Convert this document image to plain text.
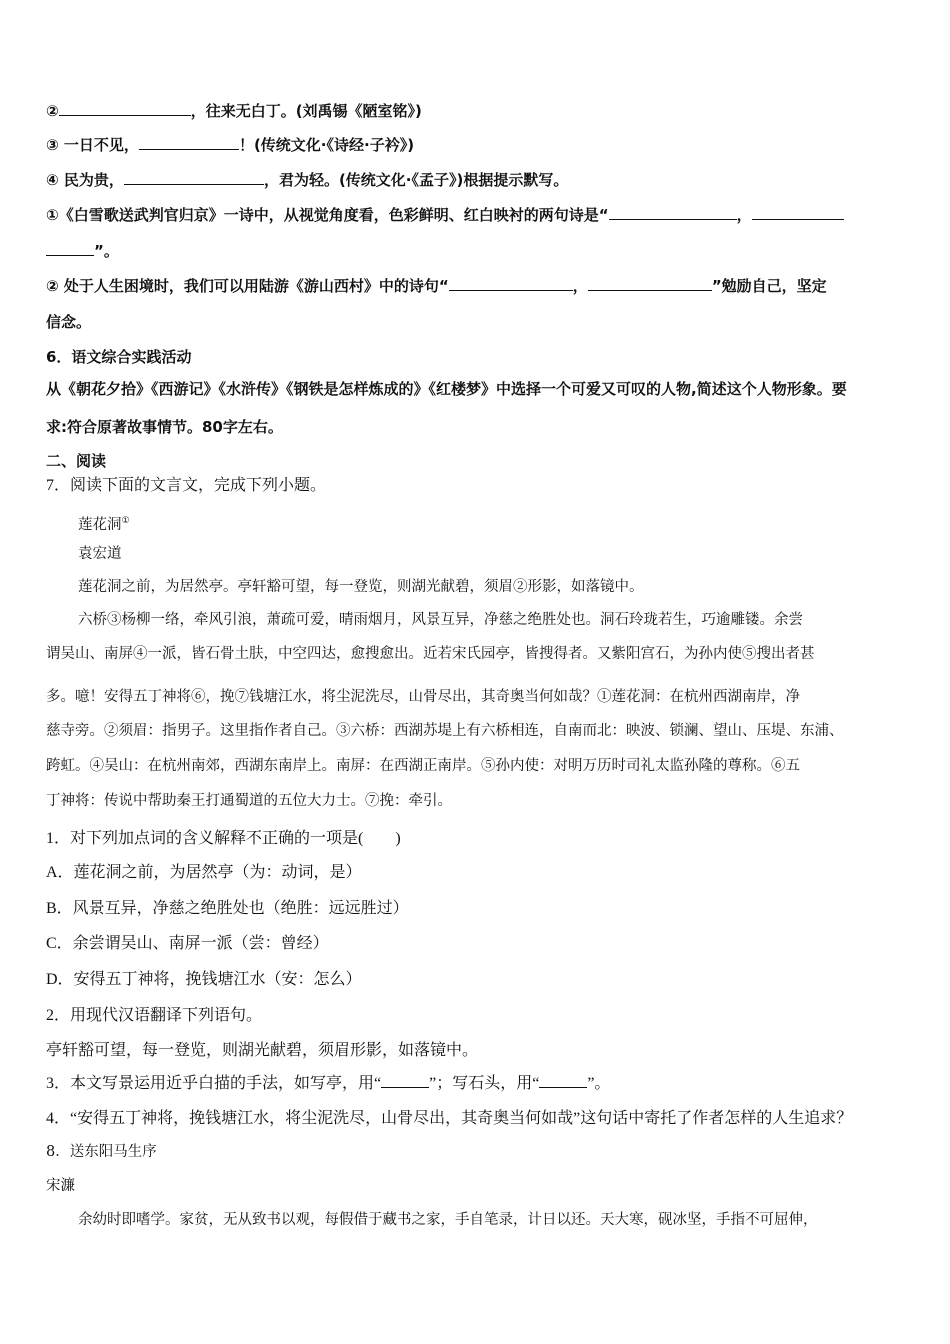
②	，往来无白丁。(刘禹锡《陋室铭》)
③ 一日不见，	！(传统文化·《诗经·子衿》)
④ 民为贵，	，君为轻。(传统文化·《孟子》)根据提示默写。
①《白雪歌送武判官归京》一诗中，从视觉角度看，色彩鲜明、红白映衬的两句诗是“	，
”。
② 处于人生困境时，我们可以用陆游《游山西村》中的诗句“	，	”勉励自己，坚定
信念。
6．语文综合实践活动
从《朝花夕拾》《西游记》《水浒传》《钢铁是怎样炼成的》《红楼梦》中选择一个可爱又可叹的人物,简述这个人物形象。要
求:符合原著故事情节。80字左右。
二、阅读
7．阅读下面的文言文，完成下列小题。
莲花洞①
袁宏道
莲花洞之前，为居然亭。亭轩豁可望，每一登览，则湖光献碧，须眉②形影，如落镜中。
六桥③杨柳一络，牵风引浪，萧疏可爱，晴雨烟月，风景互异，净慈之绝胜处也。洞石玲珑若生，巧逾雕镂。余尝
谓吴山、南屏④一派，皆石骨土肤，中空四达，愈搜愈出。近若宋氏园亭，皆搜得者。又紫阳宫石，为孙内使⑤搜出者甚
多。噫！安得五丁神将⑥，挽⑦钱塘江水，将尘泥洗尽，山骨尽出，其奇奥当何如哉？①莲花洞：在杭州西湖南岸，净
慈寺旁。②须眉：指男子。这里指作者自己。③六桥：西湖苏堤上有六桥相连，自南而北：映波、锁澜、望山、压堤、东浦、
跨虹。④吴山：在杭州南郊，西湖东南岸上。南屏：在西湖正南岸。⑤孙内使：对明万历时司礼太监孙隆的尊称。⑥五
丁神将：传说中帮助秦王打通蜀道的五位大力士。⑦挽：牵引。
1．对下列加点词的含义解释不正确的一项是(　　)
A．莲花洞之前，为居然亭（为：动词，是）
B．风景互异，净慈之绝胜处也（绝胜：远远胜过）
C．余尝谓吴山、南屏一派（尝：曾经）
D．安得五丁神将，挽钱塘江水（安：怎么）
2．用现代汉语翻译下列语句。
亭轩豁可望，每一登览，则湖光献碧，须眉形影，如落镜中。
3．本文写景运用近乎白描的手法，如写亭，用“	”；写石头，用“	”。
4．“安得五丁神将，挽钱塘江水，将尘泥洗尽，山骨尽出，其奇奥当何如哉”这句话中寄托了作者怎样的人生追求？
8．送东阳马生序
宋濂
余幼时即嗜学。家贫，无从致书以观，每假借于藏书之家，手自笔录，计日以还。天大寒，砚冰坚，手指不可屈伸，
